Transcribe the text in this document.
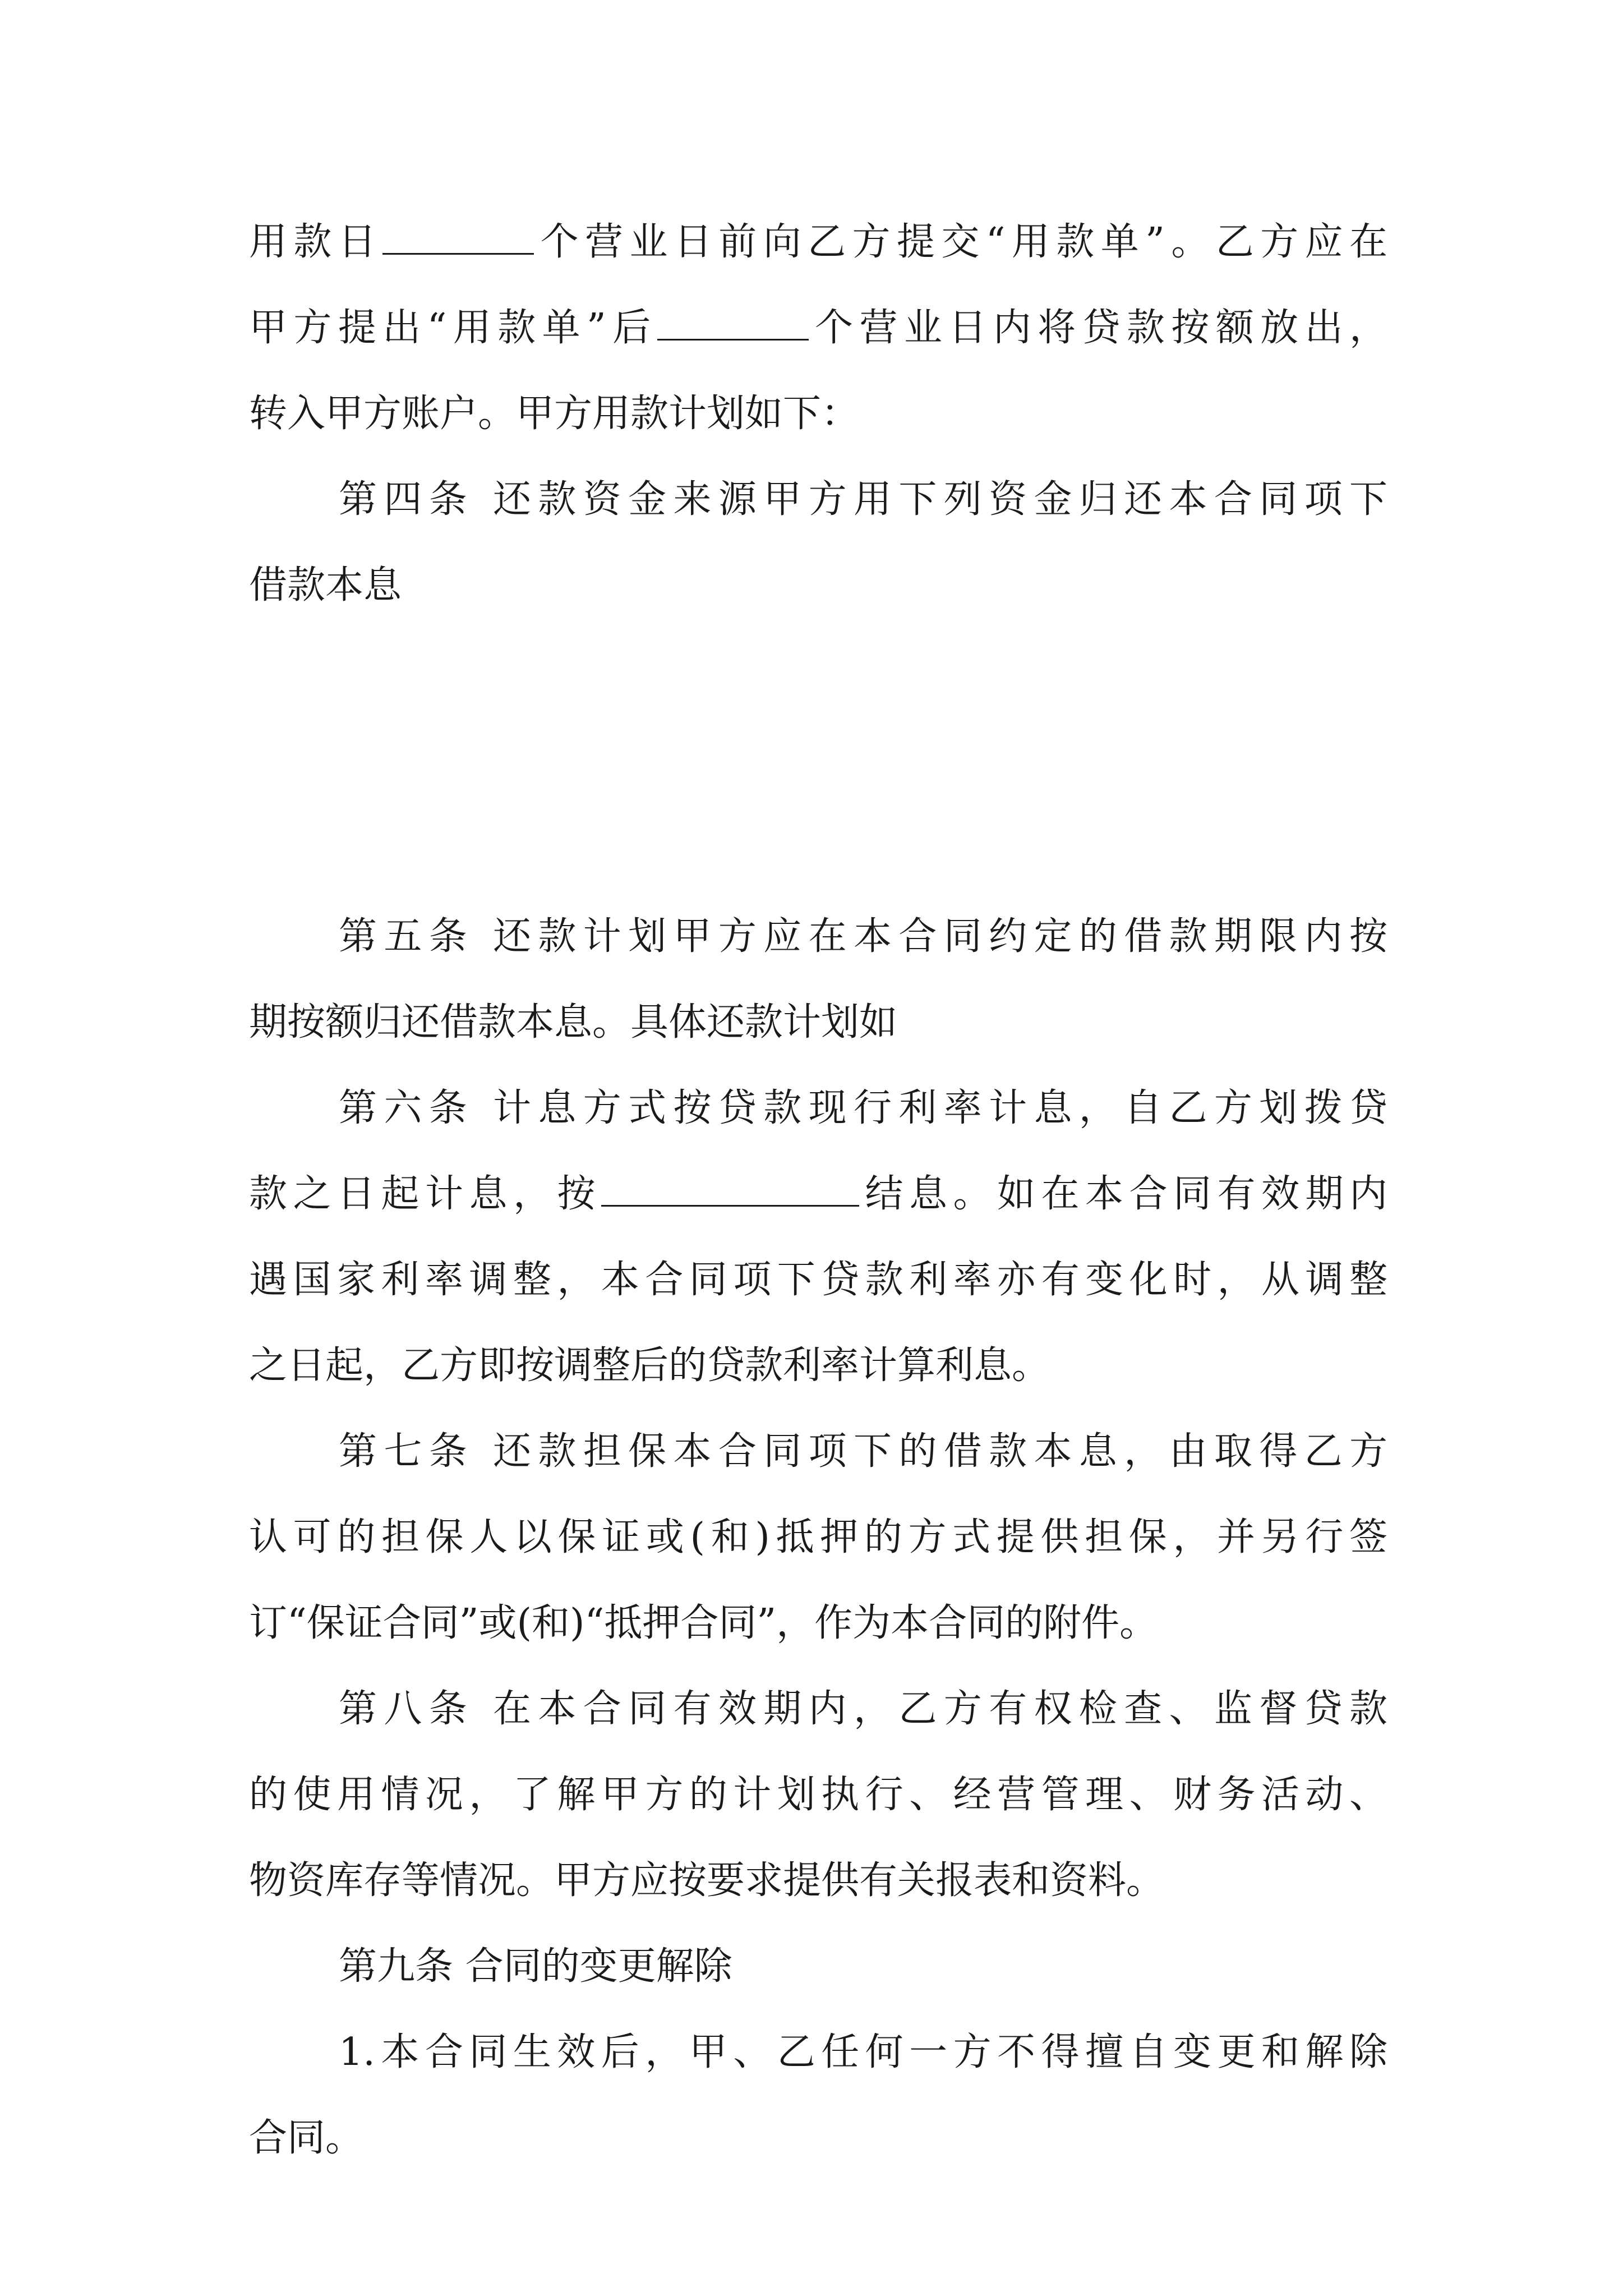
用款日	个营业日前向乙方提交“用款单”。乙方应在
甲方提出“用款单”后	个营业日内将贷款按额放出，
转入甲方账户。甲方用款计划如下：
第四条 还款资金来源甲方用下列资金归还本合同项下
借款本息
第五条 还款计划甲方应在本合同约定的借款期限内按
期按额归还借款本息。具体还款计划如
第六条 计息方式按贷款现行利率计息，自乙方划拨贷
款之日起计息，按	结息。如在本合同有效期内
遇国家利率调整，本合同项下贷款利率亦有变化时，从调整
之日起，乙方即按调整后的贷款利率计算利息。
第七条 还款担保本合同项下的借款本息，由取得乙方
认可的担保人以保证或(和)抵押的方式提供担保，并另行签
订“保证合同”或(和)“抵押合同”，作为本合同的附件。
第八条 在本合同有效期内，乙方有权检查、监督贷款
的使用情况，了解甲方的计划执行、经营管理、财务活动、
物资库存等情况。甲方应按要求提供有关报表和资料。
第九条 合同的变更解除
1.本合同生效后，甲、乙任何一方不得擅自变更和解除
合同。
